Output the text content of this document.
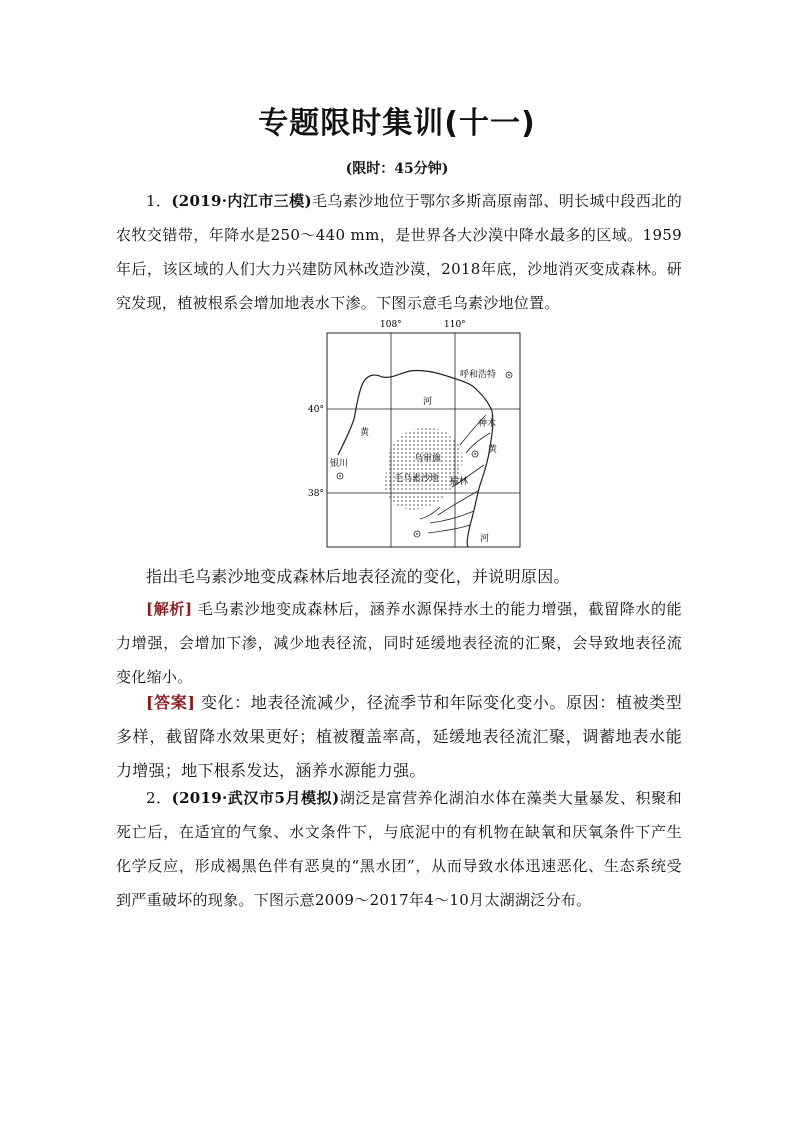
专题限时集训(十一)
(限时：45分钟)

1．(2019·内江市三模)毛乌素沙地位于鄂尔多斯高原南部、明长城中段西北的农牧交错带，年降水是250～440 mm，是世界各大沙漠中降水最多的区域。1959年后，该区域的人们大力兴建防风林改造沙漠，2018年底，沙地消灭变成森林。研究发现，植被根系会增加地表水下渗。下图示意毛乌素沙地位置。

108°	110°
40°
38°
呼和浩特
银川
神木
乌审旗
毛乌素沙地 榆林
河
黄
黄
河

指出毛乌素沙地变成森林后地表径流的变化，并说明原因。

[解析] 毛乌素沙地变成森林后，涵养水源保持水土的能力增强，截留降水的能力增强，会增加下渗，减少地表径流，同时延缓地表径流的汇聚，会导致地表径流变化缩小。

[答案] 变化：地表径流减少，径流季节和年际变化变小。原因：植被类型多样，截留降水效果更好；植被覆盖率高，延缓地表径流汇聚，调蓄地表水能力增强；地下根系发达，涵养水源能力强。

2．(2019·武汉市5月模拟)湖泛是富营养化湖泊水体在藻类大量暴发、积聚和死亡后，在适宜的气象、水文条件下，与底泥中的有机物在缺氧和厌氧条件下产生化学反应，形成褐黑色伴有恶臭的“黑水团”，从而导致水体迅速恶化、生态系统受到严重破坏的现象。下图示意2009～2017年4～10月太湖湖泛分布。
